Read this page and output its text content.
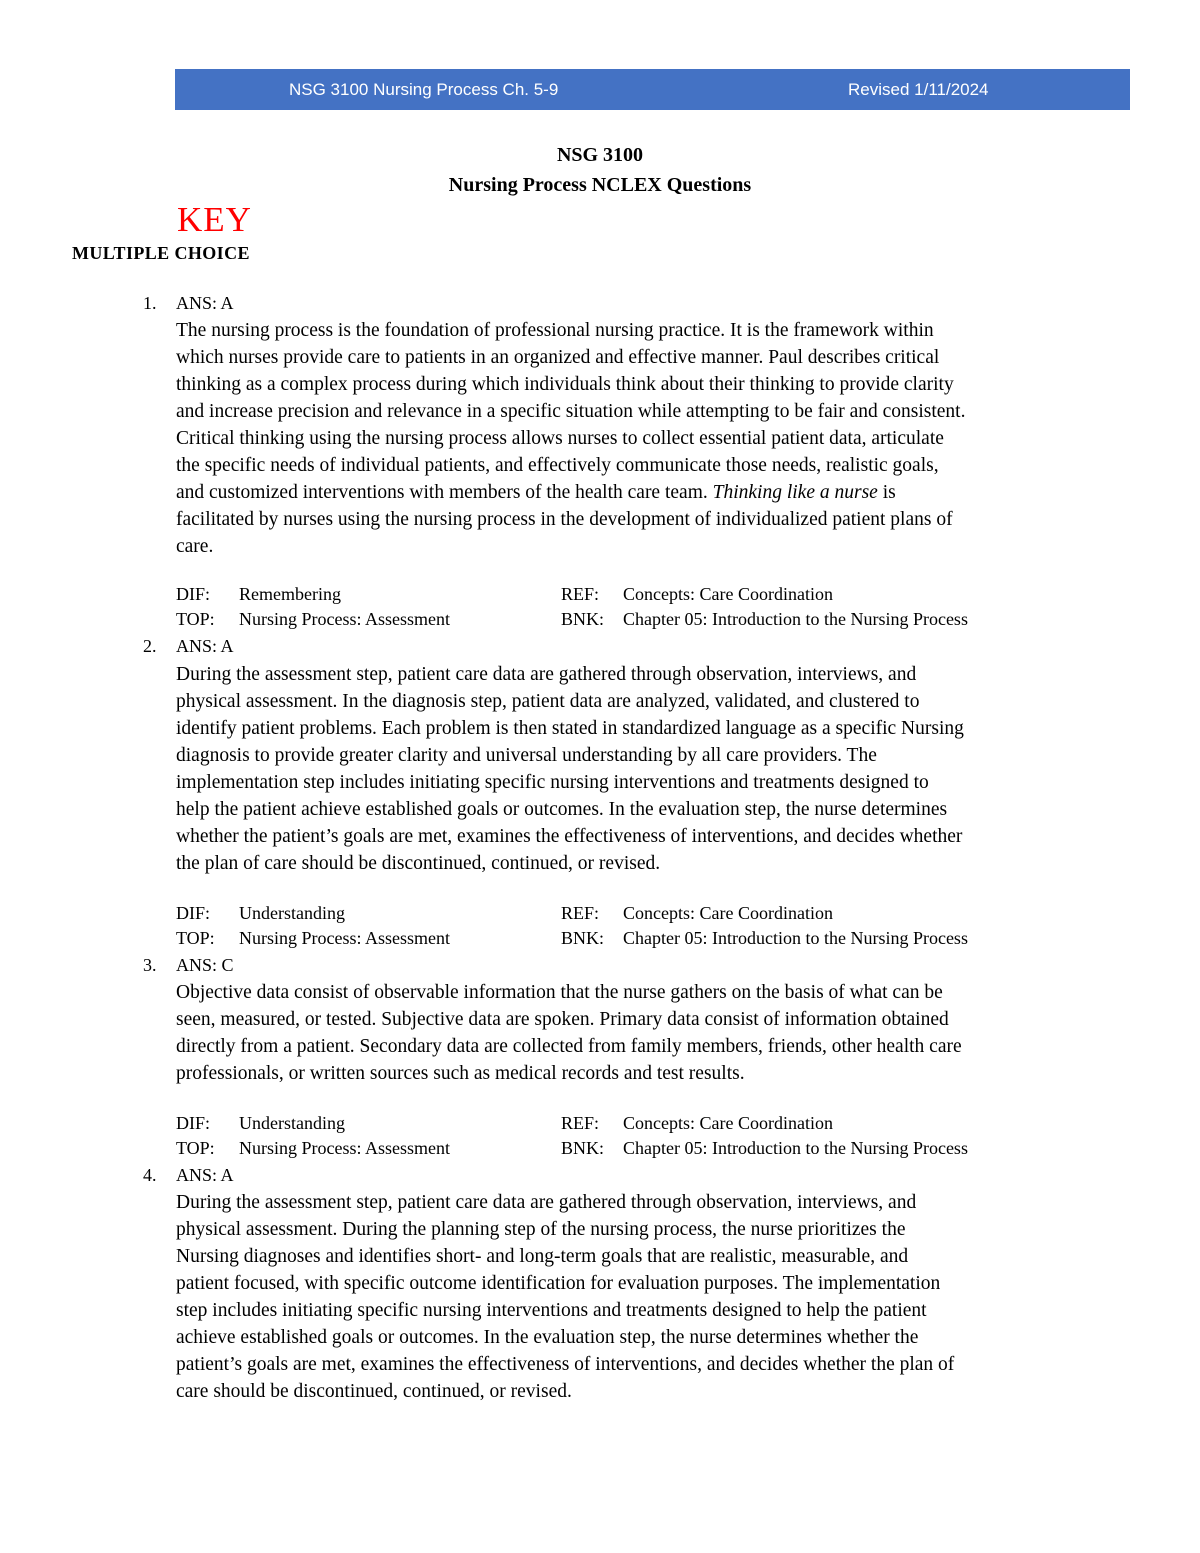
NSG 3100 Nursing Process Ch. 5-9	Revised 1/11/2024
NSG 3100
Nursing Process NCLEX Questions
KEY
MULTIPLE CHOICE
1. ANS: A
The nursing process is the foundation of professional nursing practice. It is the framework within
which nurses provide care to patients in an organized and effective manner. Paul describes critical
thinking as a complex process during which individuals think about their thinking to provide clarity
and increase precision and relevance in a specific situation while attempting to be fair and consistent.
Critical thinking using the nursing process allows nurses to collect essential patient data, articulate
the specific needs of individual patients, and effectively communicate those needs, realistic goals,
and customized interventions with members of the health care team. Thinking like a nurse is
facilitated by nurses using the nursing process in the development of individualized patient plans of
care.
DIF: Remembering	REF: Concepts: Care Coordination
TOP: Nursing Process: Assessment	BNK: Chapter 05: Introduction to the Nursing Process
2. ANS: A
During the assessment step, patient care data are gathered through observation, interviews, and
physical assessment. In the diagnosis step, patient data are analyzed, validated, and clustered to
identify patient problems. Each problem is then stated in standardized language as a specific Nursing
diagnosis to provide greater clarity and universal understanding by all care providers. The
implementation step includes initiating specific nursing interventions and treatments designed to
help the patient achieve established goals or outcomes. In the evaluation step, the nurse determines
whether the patient’s goals are met, examines the effectiveness of interventions, and decides whether
the plan of care should be discontinued, continued, or revised.
DIF: Understanding	REF: Concepts: Care Coordination
TOP: Nursing Process: Assessment	BNK: Chapter 05: Introduction to the Nursing Process
3. ANS: C
Objective data consist of observable information that the nurse gathers on the basis of what can be
seen, measured, or tested. Subjective data are spoken. Primary data consist of information obtained
directly from a patient. Secondary data are collected from family members, friends, other health care
professionals, or written sources such as medical records and test results.
DIF: Understanding	REF: Concepts: Care Coordination
TOP: Nursing Process: Assessment	BNK: Chapter 05: Introduction to the Nursing Process
4. ANS: A
During the assessment step, patient care data are gathered through observation, interviews, and
physical assessment. During the planning step of the nursing process, the nurse prioritizes the
Nursing diagnoses and identifies short- and long-term goals that are realistic, measurable, and
patient focused, with specific outcome identification for evaluation purposes. The implementation
step includes initiating specific nursing interventions and treatments designed to help the patient
achieve established goals or outcomes. In the evaluation step, the nurse determines whether the
patient’s goals are met, examines the effectiveness of interventions, and decides whether the plan of
care should be discontinued, continued, or revised.
